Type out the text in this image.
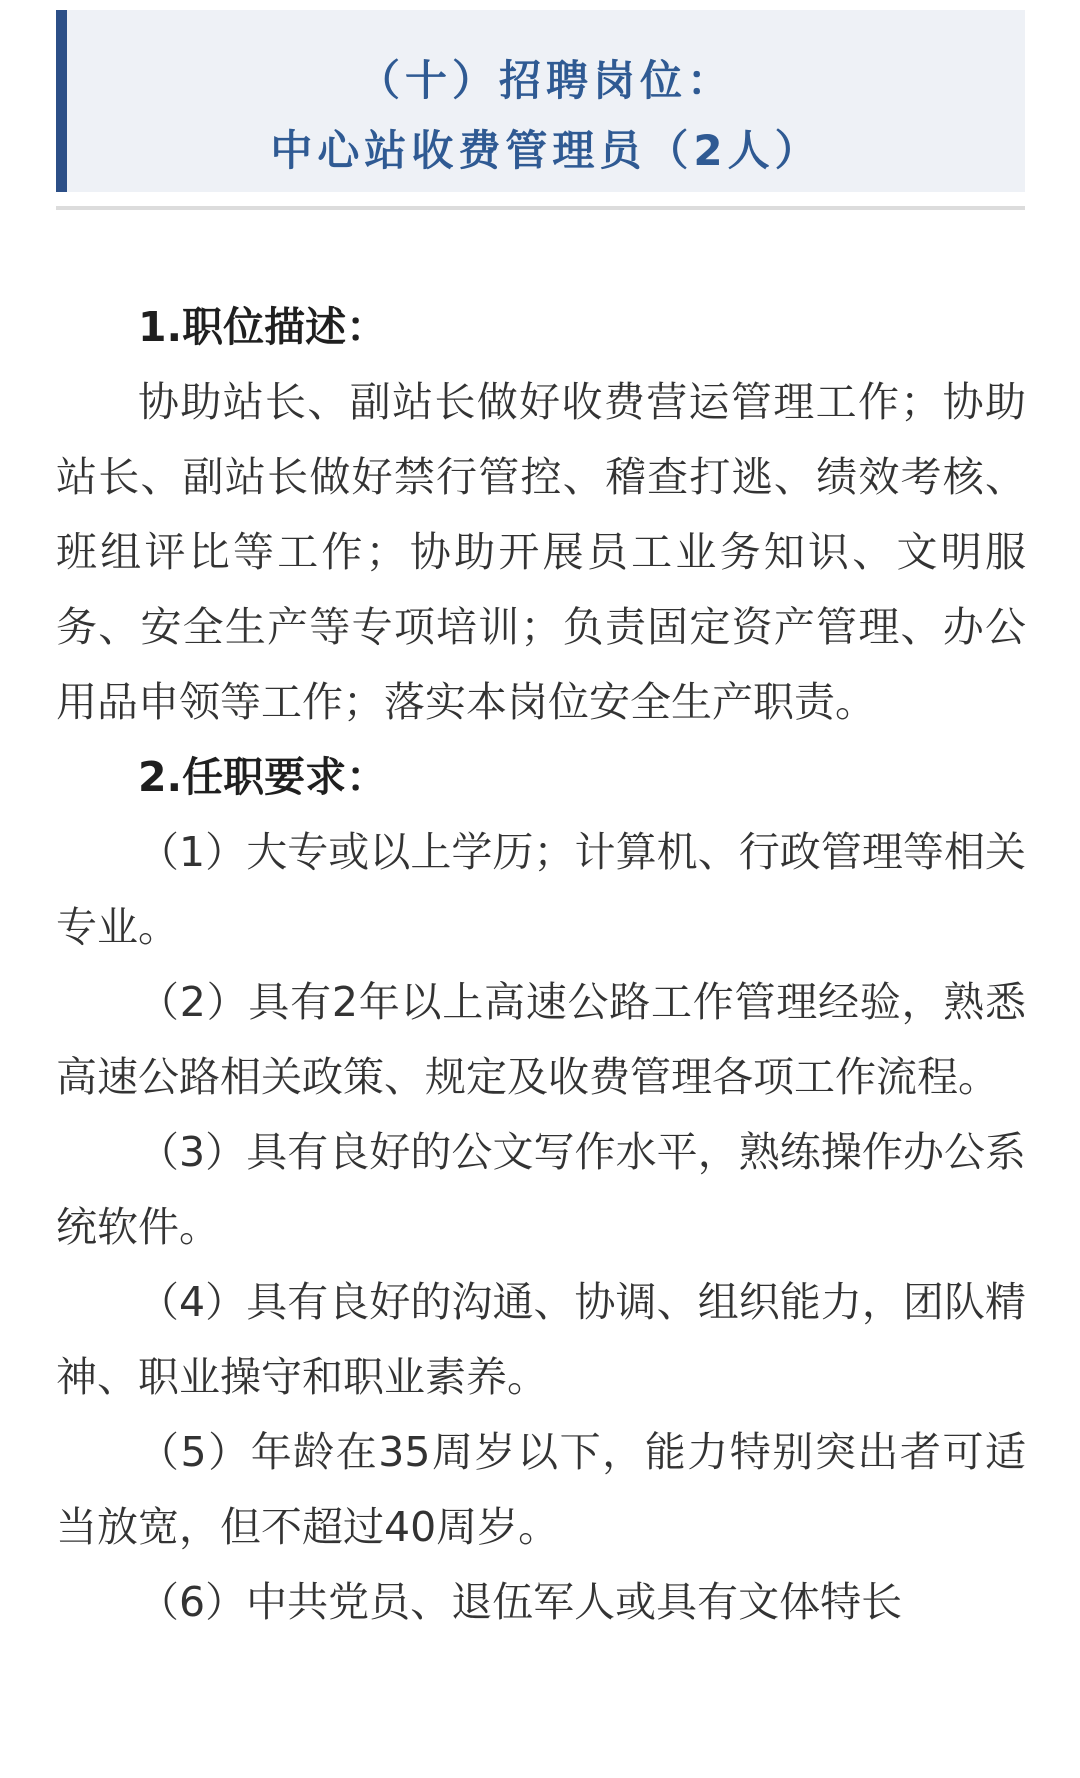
（十）招聘岗位：
中心站收费管理员（2人）

1.职位描述：

协助站长、副站长做好收费营运管理工作；协助站长、副站长做好禁行管控、稽查打逃、绩效考核、班组评比等工作；协助开展员工业务知识、文明服务、安全生产等专项培训；负责固定资产管理、办公用品申领等工作；落实本岗位安全生产职责。

2.任职要求：

（1）大专或以上学历；计算机、行政管理等相关专业。

（2）具有2年以上高速公路工作管理经验，熟悉高速公路相关政策、规定及收费管理各项工作流程。

（3）具有良好的公文写作水平，熟练操作办公系统软件。

（4）具有良好的沟通、协调、组织能力，团队精神、职业操守和职业素养。

（5）年龄在35周岁以下，能力特别突出者可适当放宽，但不超过40周岁。

（6）中共党员、退伍军人或具有文体特长
